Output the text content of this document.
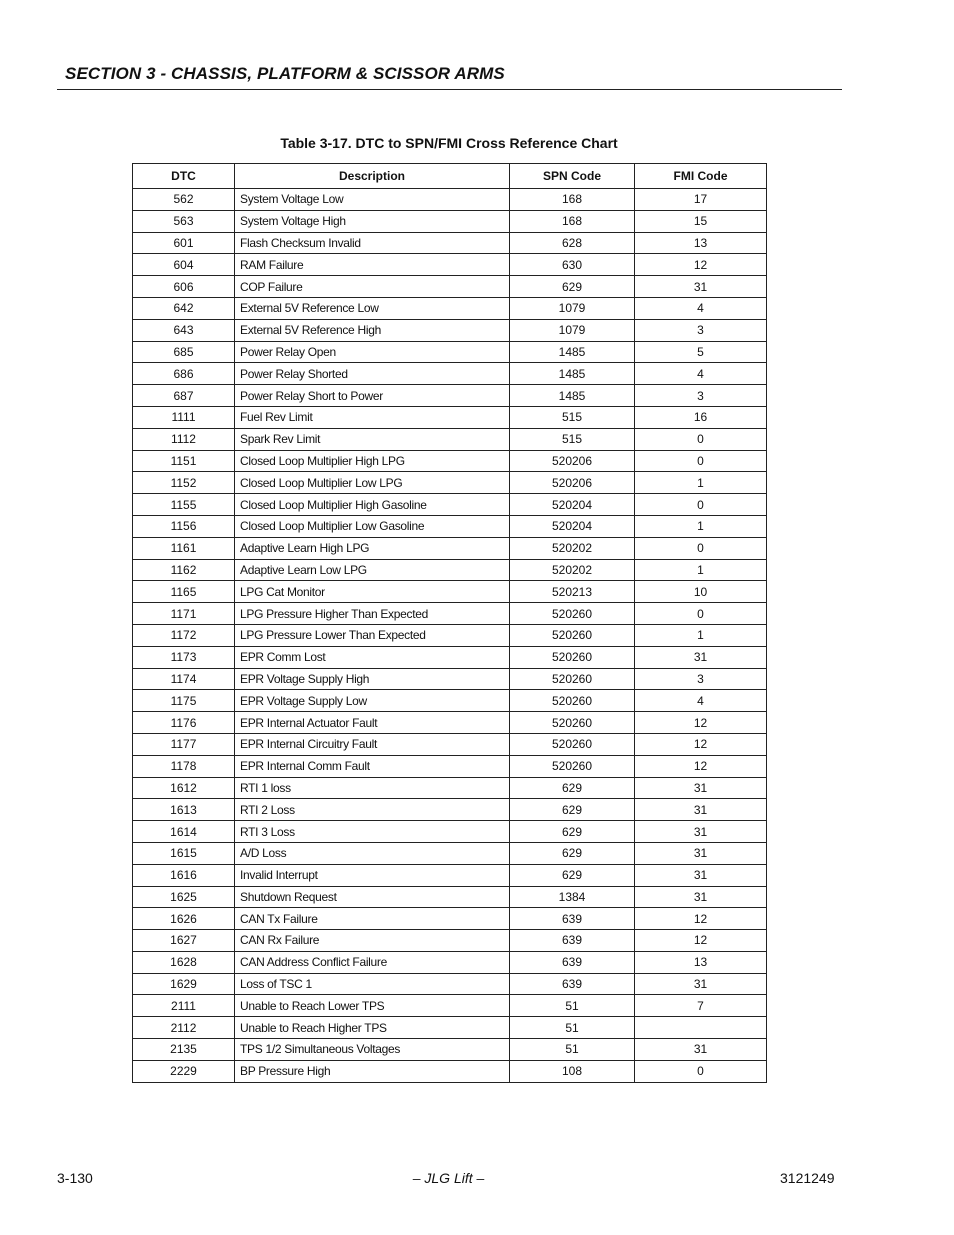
SECTION 3 - CHASSIS, PLATFORM & SCISSOR ARMS
Table 3-17. DTC to SPN/FMI Cross Reference Chart
DTC	Description	SPN Code	FMI Code
562	System Voltage Low	168	17
563	System Voltage High	168	15
601	Flash Checksum Invalid	628	13
604	RAM Failure	630	12
606	COP Failure	629	31
642	External 5V Reference Low	1079	4
643	External 5V Reference High	1079	3
685	Power Relay Open	1485	5
686	Power Relay Shorted	1485	4
687	Power Relay Short to Power	1485	3
1111	Fuel Rev Limit	515	16
1112	Spark Rev Limit	515	0
1151	Closed Loop Multiplier High LPG	520206	0
1152	Closed Loop Multiplier Low LPG	520206	1
1155	Closed Loop Multiplier High Gasoline	520204	0
1156	Closed Loop Multiplier Low Gasoline	520204	1
1161	Adaptive Learn High LPG	520202	0
1162	Adaptive Learn Low LPG	520202	1
1165	LPG Cat Monitor	520213	10
1171	LPG Pressure Higher Than Expected	520260	0
1172	LPG Pressure Lower Than Expected	520260	1
1173	EPR Comm Lost	520260	31
1174	EPR Voltage Supply High	520260	3
1175	EPR Voltage Supply Low	520260	4
1176	EPR Internal Actuator Fault	520260	12
1177	EPR Internal Circuitry Fault	520260	12
1178	EPR Internal Comm Fault	520260	12
1612	RTI 1 loss	629	31
1613	RTI 2 Loss	629	31
1614	RTI 3 Loss	629	31
1615	A/D Loss	629	31
1616	Invalid Interrupt	629	31
1625	Shutdown Request	1384	31
1626	CAN Tx Failure	639	12
1627	CAN Rx Failure	639	12
1628	CAN Address Conflict Failure	639	13
1629	Loss of TSC 1	639	31
2111	Unable to Reach Lower TPS	51	7
2112	Unable to Reach Higher TPS	51	
2135	TPS 1/2 Simultaneous Voltages	51	31
2229	BP Pressure High	108	0
3-130	– JLG Lift –	3121249
